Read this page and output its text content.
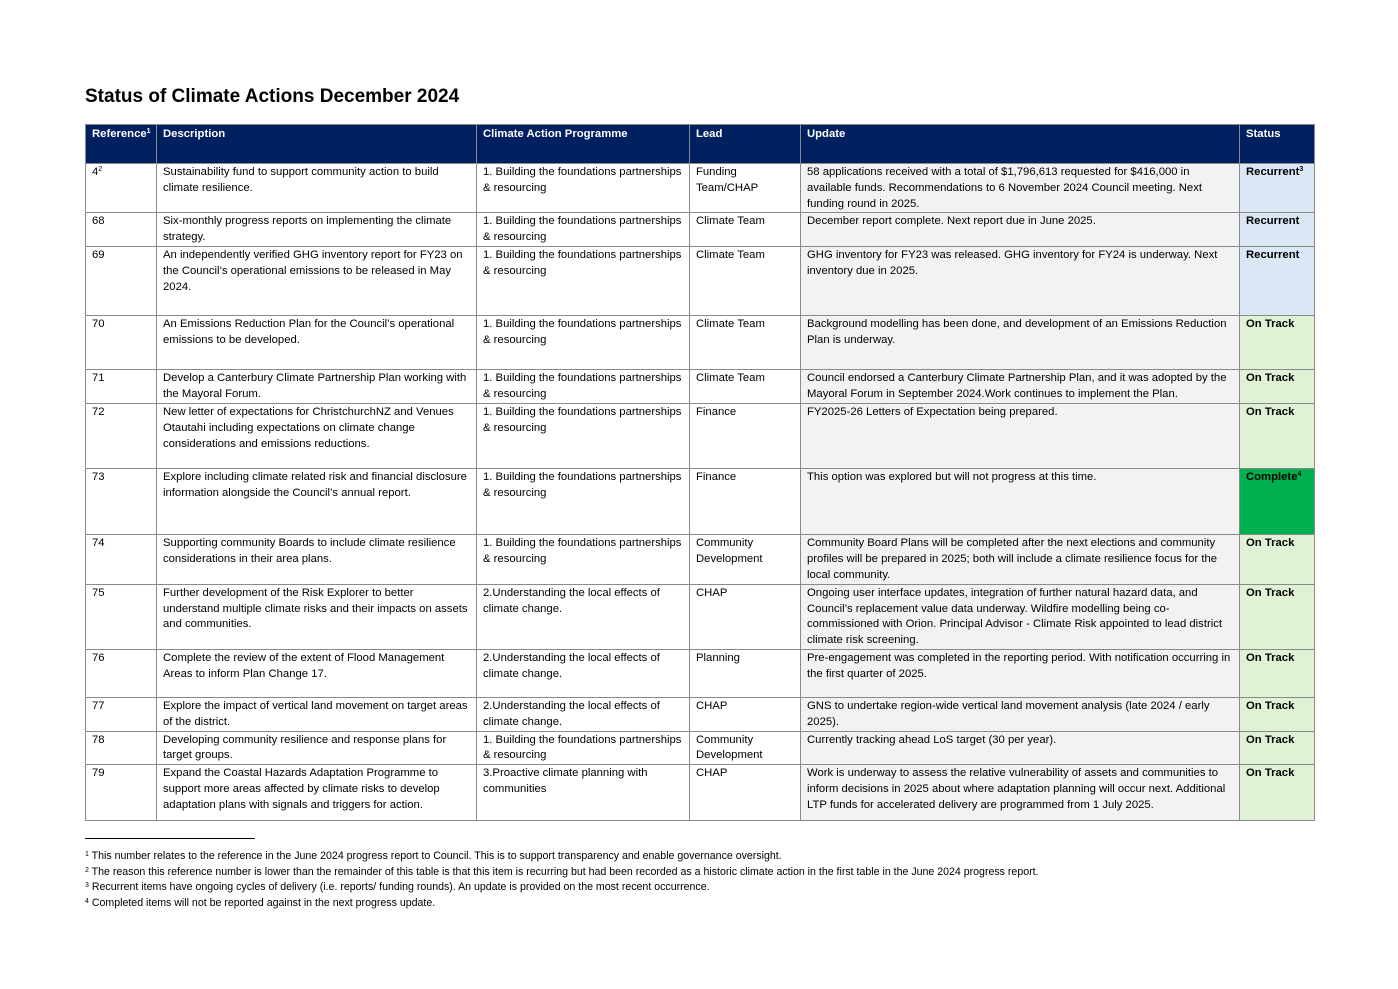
Status of Climate Actions December 2024
Reference$^1$	Description	Climate Action Programme	Lead	Update	Status
$4^2$	Sustainability fund to support community action to build climate resilience.	1. Building the foundations partnerships & resourcing	Funding Team/CHAP	58 applications received with a total of $1,796,613 requested for $416,000 in available funds. Recommendations to 6 November 2024 Council meeting. Next funding round in 2025.	Recurrent$^3$
68	Six-monthly progress reports on implementing the climate strategy.	1. Building the foundations partnerships & resourcing	Climate Team	December report complete. Next report due in June 2025.	Recurrent
69	An independently verified GHG inventory report for FY23 on the Council’s operational emissions to be released in May 2024.	1. Building the foundations partnerships & resourcing	Climate Team	GHG inventory for FY23 was released. GHG inventory for FY24 is underway. Next inventory due in 2025.	Recurrent
70	An Emissions Reduction Plan for the Council’s operational emissions to be developed.	1. Building the foundations partnerships & resourcing	Climate Team	Background modelling has been done, and development of an Emissions Reduction Plan is underway.	On Track
71	Develop a Canterbury Climate Partnership Plan working with the Mayoral Forum.	1. Building the foundations partnerships & resourcing	Climate Team	Council endorsed a Canterbury Climate Partnership Plan, and it was adopted by the Mayoral Forum in September 2024.Work continues to implement the Plan.	On Track
72	New letter of expectations for ChristchurchNZ and Venues Otautahi including expectations on climate change considerations and emissions reductions.	1. Building the foundations partnerships & resourcing	Finance	FY2025-26 Letters of Expectation being prepared.	On Track
73	Explore including climate related risk and financial disclosure information alongside the Council’s annual report.	1. Building the foundations partnerships & resourcing	Finance	This option was explored but will not progress at this time.	Complete$^4$
74	Supporting community Boards to include climate resilience considerations in their area plans.	1. Building the foundations partnerships & resourcing	Community Development	Community Board Plans will be completed after the next elections and community profiles will be prepared in 2025; both will include a climate resilience focus for the local community.	On Track
75	Further development of the Risk Explorer to better understand multiple climate risks and their impacts on assets and communities.	2.Understanding the local effects of climate change.	CHAP	Ongoing user interface updates, integration of further natural hazard data, and Council’s replacement value data underway. Wildfire modelling being co-commissioned with Orion. Principal Advisor - Climate Risk appointed to lead district climate risk screening.	On Track
76	Complete the review of the extent of Flood Management Areas to inform Plan Change 17.	2.Understanding the local effects of climate change.	Planning	Pre-engagement was completed in the reporting period. With notification occurring in the first quarter of 2025.	On Track
77	Explore the impact of vertical land movement on target areas of the district.	2.Understanding the local effects of climate change.	CHAP	GNS to undertake region-wide vertical land movement analysis (late 2024 / early 2025).	On Track
78	Developing community resilience and response plans for target groups.	1. Building the foundations partnerships & resourcing	Community Development	Currently tracking ahead LoS target (30 per year).	On Track
79	Expand the Coastal Hazards Adaptation Programme to support more areas affected by climate risks to develop adaptation plans with signals and triggers for action.	3.Proactive climate planning with communities	CHAP	Work is underway to assess the relative vulnerability of assets and communities to inform decisions in 2025 about where adaptation planning will occur next. Additional LTP funds for accelerated delivery are programmed from 1 July 2025.	On Track
$^1$ This number relates to the reference in the June 2024 progress report to Council. This is to support transparency and enable governance oversight.
$^2$ The reason this reference number is lower than the remainder of this table is that this item is recurring but had been recorded as a historic climate action in the first table in the June 2024 progress report.
$^3$ Recurrent items have ongoing cycles of delivery (i.e. reports/ funding rounds). An update is provided on the most recent occurrence.
$^4$ Completed items will not be reported against in the next progress update.
